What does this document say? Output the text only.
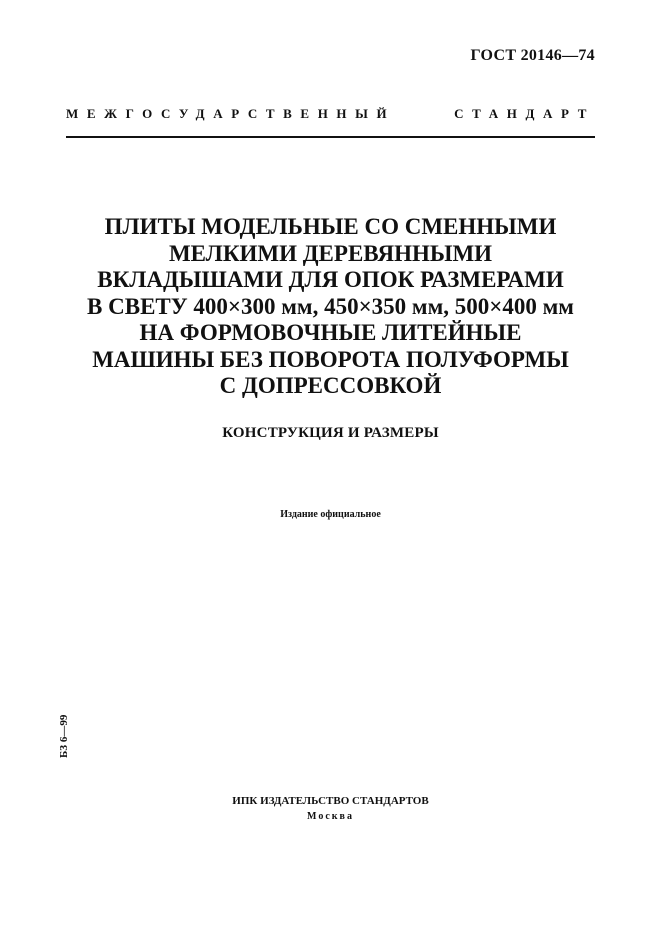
ГОСТ 20146—74
МЕЖГОСУДАРСТВЕННЫЙ	СТАНДАРТ
ПЛИТЫ МОДЕЛЬНЫЕ СО СМЕННЫМИ
МЕЛКИМИ ДЕРЕВЯННЫМИ
ВКЛАДЫШАМИ ДЛЯ ОПОК РАЗМЕРАМИ
В СВЕТУ 400×300 мм, 450×350 мм, 500×400 мм
НА ФОРМОВОЧНЫЕ ЛИТЕЙНЫЕ
МАШИНЫ БЕЗ ПОВОРОТА ПОЛУФОРМЫ
С ДОПРЕССОВКОЙ
КОНСТРУКЦИЯ И РАЗМЕРЫ
Издание официальное
БЗ 6—99
ИПК ИЗДАТЕЛЬСТВО СТАНДАРТОВ
Москва
